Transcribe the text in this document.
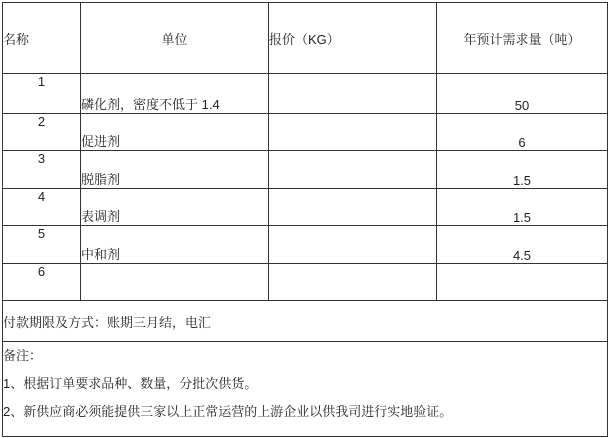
名称	单位	报价（KG）	年预计需求量（吨）
1	磷化剂，密度不低于 1.4		50
2	促进剂		6
3	脱脂剂		1.5
4	表调剂		1.5
5	中和剂		4.5
6			
付款期限及方式：账期三月结，电汇			

备注：
1、根据订单要求品种、数量，分批次供货。
2、新供应商必须能提供三家以上正常运营的上游企业以供我司进行实地验证。			
